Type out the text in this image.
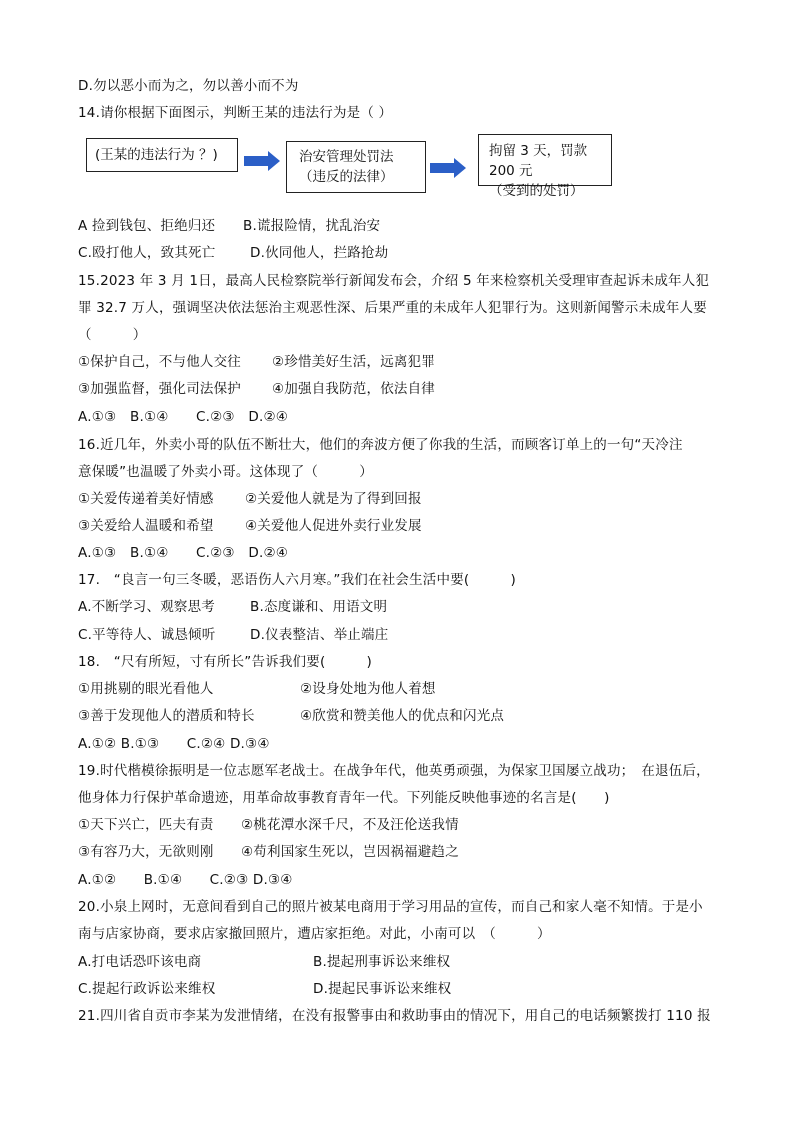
D.勿以恶小而为之，勿以善小而不为
14.请你根据下面图示，判断王某的违法行为是（ ）
(王某的违法行为 ？)	治安管理处罚法
（违反的法律）
拘留 3 天，罚款 200 元
（受到的处罚）
A 捡到钱包、拒绝归还 B.谎报险情，扰乱治安
C.殴打他人，致其死亡	D.伙同他人，拦路抢劫
15.2023 年 3 月 1日，最高人民检察院举行新闻发布会，介绍 5 年来检察机关受理审查起诉未成年人犯
罪 32.7 万人，强调坚决依法惩治主观恶性深、后果严重的未成年人犯罪行为。这则新闻警示未成年人要
（　　　）
①保护自己，不与他人交往 ②珍惜美好生活，远离犯罪
③加强监督，强化司法保护 ④加强自我防范，依法自律
A.①③　B.①④　　C.②③　D.②④
16.近几年，外卖小哥的队伍不断壮大，他们的奔波方便了你我的生活，而顾客订单上的一句“天冷注
意保暖”也温暖了外卖小哥。这体现了（　　　）
①关爱传递着美好情感 ②关爱他人就是为了得到回报
③关爱给人温暖和希望 ④关爱他人促进外卖行业发展
A.①③　B.①④　　C.②③　D.②④
17.　“良言一句三冬暖，恶语伤人六月寒。”我们在社会生活中要(　　　)
A.不断学习、观察思考	B.态度谦和、用语文明
C.平等待人、诚恳倾听	D.仪表整洁、举止端庄
18.　“尺有所短，寸有所长”告诉我们要(　　　)
①用挑剔的眼光看他人	②设身处地为他人着想
③善于发现他人的潜质和特长	④欣赏和赞美他人的优点和闪光点
A.①② B.①③　　C.②④ D.③④
19.时代楷模徐振明是一位志愿军老战士。在战争年代，他英勇顽强，为保家卫国屡立战功；　在退伍后，
他身体力行保护革命遗迹，用革命故事教育青年一代。下列能反映他事迹的名言是(　　)
①天下兴亡，匹夫有责　　②桃花潭水深千尺，不及汪伦送我情
③有容乃大，无欲则刚　　④苟利国家生死以，岂因祸福避趋之
A.①②　　B.①④　　C.②③ D.③④
20.小泉上网时，无意间看到自己的照片被某电商用于学习用品的宣传，而自己和家人毫不知情。于是小
南与店家协商，要求店家撤回照片，遭店家拒绝。对此，小南可以　（　　　）
A.打电话恐吓该电商	B.提起刑事诉讼来维权
C.提起行政诉讼来维权	D.提起民事诉讼来维权
21.四川省自贡市李某为发泄情绪，在没有报警事由和救助事由的情况下，用自己的电话频繁拨打 110 报
